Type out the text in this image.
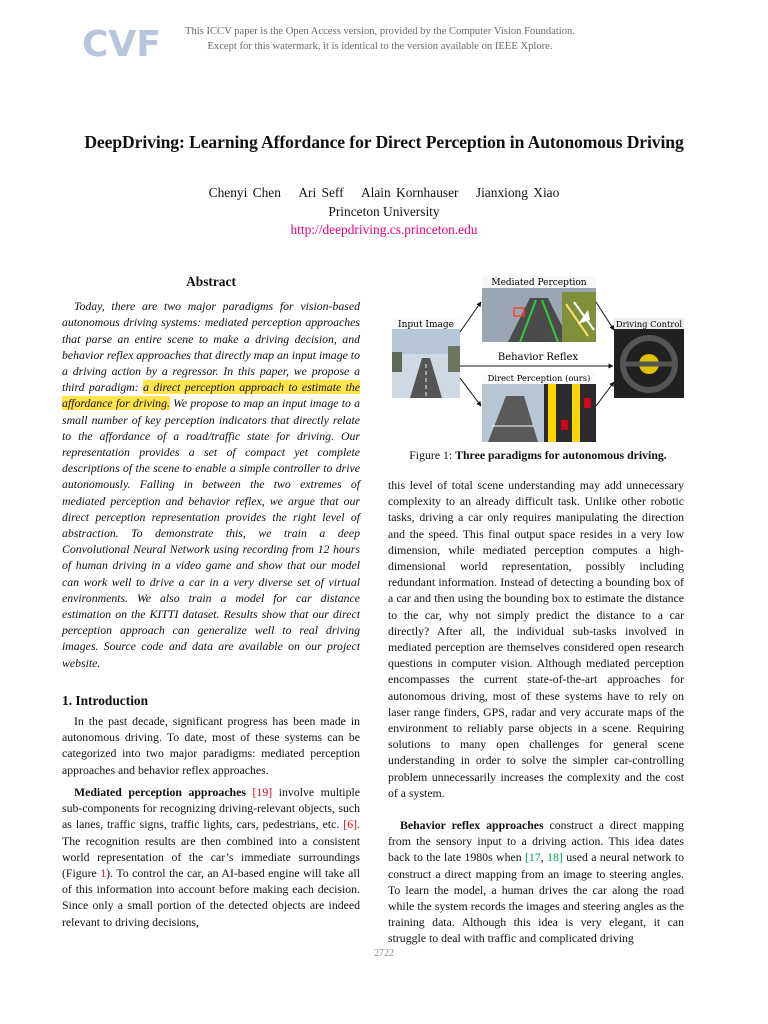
CVF	This ICCV paper is the Open Access version, provided by the Computer Vision Foundation.
Except for this watermark, it is identical to the version available on IEEE Xplore.
DeepDriving: Learning Affordance for Direct Perception in Autonomous Driving
Chenyi Chen Ari Seff Alain Kornhauser Jianxiong Xiao
Princeton University
http://deepdriving.cs.princeton.edu
Abstract

Today, there are two major paradigms for vision-based autonomous driving systems: mediated perception approaches that parse an entire scene to make a driving decision, and behavior reflex approaches that directly map an input image to a driving action by a regressor. In this paper, we propose a third paradigm: a direct perception approach to estimate the affordance for driving. We propose to map an input image to a small number of key perception indicators that directly relate to the affordance of a road/traffic state for driving. Our representation provides a set of compact yet complete descriptions of the scene to enable a simple controller to drive autonomously. Falling in between the two extremes of mediated perception and behavior reflex, we argue that our direct perception representation provides the right level of abstraction. To demonstrate this, we train a deep Convolutional Neural Network using recording from 12 hours of human driving in a video game and show that our model can work well to drive a car in a very diverse set of virtual environments. We also train a model for car distance estimation on the KITTI dataset. Results show that our direct perception approach can generalize well to real driving images. Source code and data are available on our project website.

1. Introduction

In the past decade, significant progress has been made in autonomous driving. To date, most of these systems can be categorized into two major paradigms: mediated perception approaches and behavior reflex approaches.

Mediated perception approaches [19] involve multiple sub-components for recognizing driving-relevant objects, such as lanes, traffic signs, traffic lights, cars, pedestrians, etc. [6]. The recognition results are then combined into a consistent world representation of the car’s immediate surroundings (Figure 1). To control the car, an AI-based engine will take all of this information into account before making each decision. Since only a small portion of the detected objects are indeed relevant to driving decisions,

Input Image
Mediated Perception
Driving Control
Direct Perception (ours)
Behavior Reflex
Figure 1: Three paradigms for autonomous driving.

this level of total scene understanding may add unnecessary complexity to an already difficult task. Unlike other robotic tasks, driving a car only requires manipulating the direction and the speed. This final output space resides in a very low dimension, while mediated perception computes a high-dimensional world representation, possibly including redundant information. Instead of detecting a bounding box of a car and then using the bounding box to estimate the distance to the car, why not simply predict the distance to a car directly? After all, the individual sub-tasks involved in mediated perception are themselves considered open research questions in computer vision. Although mediated perception encompasses the current state-of-the-art approaches for autonomous driving, most of these systems have to rely on laser range finders, GPS, radar and very accurate maps of the environment to reliably parse objects in a scene. Requiring solutions to many open challenges for general scene understanding in order to solve the simpler car-controlling problem unnecessarily increases the complexity and the cost of a system.

Behavior reflex approaches construct a direct mapping from the sensory input to a driving action. This idea dates back to the late 1980s when [17, 18] used a neural network to construct a direct mapping from an image to steering angles. To learn the model, a human drives the car along the road while the system records the images and steering angles as the training data. Although this idea is very elegant, it can struggle to deal with traffic and complicated driving

2722
